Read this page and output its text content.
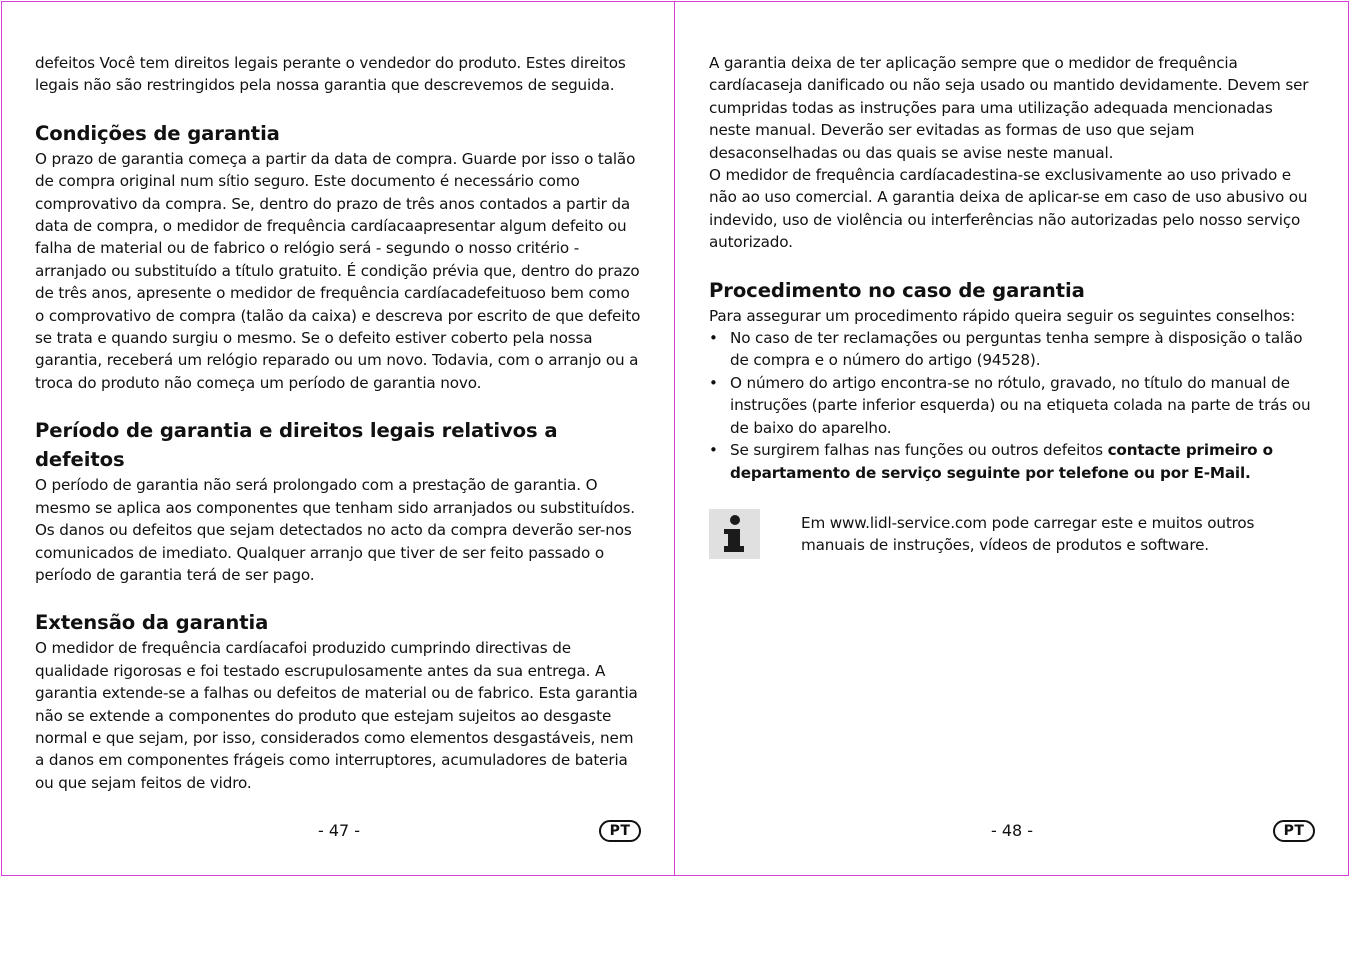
defeitos Você tem direitos legais perante o vendedor do produto. Estes direitos legais não são restringidos pela nossa garantia que descrevemos de seguida.

Condições de garantia

O prazo de garantia começa a partir da data de compra. Guarde por isso o talão de compra original num sítio seguro. Este documento é necessário como comprovativo da compra. Se, dentro do prazo de três anos contados a partir da data de compra, o medidor de frequência cardíacaapresentar algum defeito ou falha de material ou de fabrico o relógio será - segundo o nosso critério - arranjado ou substituído a título gratuito. É condição prévia que, dentro do prazo de três anos, apresente o medidor de frequência cardíacadefeituoso bem como o comprovativo de compra (talão da caixa) e descreva por escrito de que defeito se trata e quando surgiu o mesmo. Se o defeito estiver coberto pela nossa garantia, receberá um relógio reparado ou um novo. Todavia, com o arranjo ou a troca do produto não começa um período de garantia novo.

Período de garantia e direitos legais relativos a defeitos

O período de garantia não será prolongado com a prestação de garantia. O mesmo se aplica aos componentes que tenham sido arranjados ou substituídos. Os danos ou defeitos que sejam detectados no acto da compra deverão ser-nos comunicados de imediato. Qualquer arranjo que tiver de ser feito passado o período de garantia terá de ser pago.

Extensão da garantia

O medidor de frequência cardíacafoi produzido cumprindo directivas de qualidade rigorosas e foi testado escrupulosamente antes da sua entrega. A garantia extende-se a falhas ou defeitos de material ou de fabrico. Esta garantia não se extende a componentes do produto que estejam sujeitos ao desgaste normal e que sejam, por isso, considerados como elementos desgastáveis, nem a danos em componentes frágeis como interruptores, acumuladores de bateria ou que sejam feitos de vidro.

- 47 -	PT

A garantia deixa de ter aplicação sempre que o medidor de frequência cardíacaseja danificado ou não seja usado ou mantido devidamente. Devem ser cumpridas todas as instruções para uma utilização adequada mencionadas neste manual. Deverão ser evitadas as formas de uso que sejam desaconselhadas ou das quais se avise neste manual.

O medidor de frequência cardíacadestina-se exclusivamente ao uso privado e não ao uso comercial. A garantia deixa de aplicar-se em caso de uso abusivo ou indevido, uso de violência ou interferências não autorizadas pelo nosso serviço autorizado.

Procedimento no caso de garantia

Para assegurar um procedimento rápido queira seguir os seguintes conselhos:

• No caso de ter reclamações ou perguntas tenha sempre à disposição o talão de compra e o número do artigo (94528).
• O número do artigo encontra-se no rótulo, gravado, no título do manual de instruções (parte inferior esquerda) ou na etiqueta colada na parte de trás ou de baixo do aparelho.
• Se surgirem falhas nas funções ou outros defeitos contacte primeiro o departamento de serviço seguinte por telefone ou por E-Mail.

Em www.lidl-service.com pode carregar este e muitos outros manuais de instruções, vídeos de produtos e software.

- 48 -	PT
